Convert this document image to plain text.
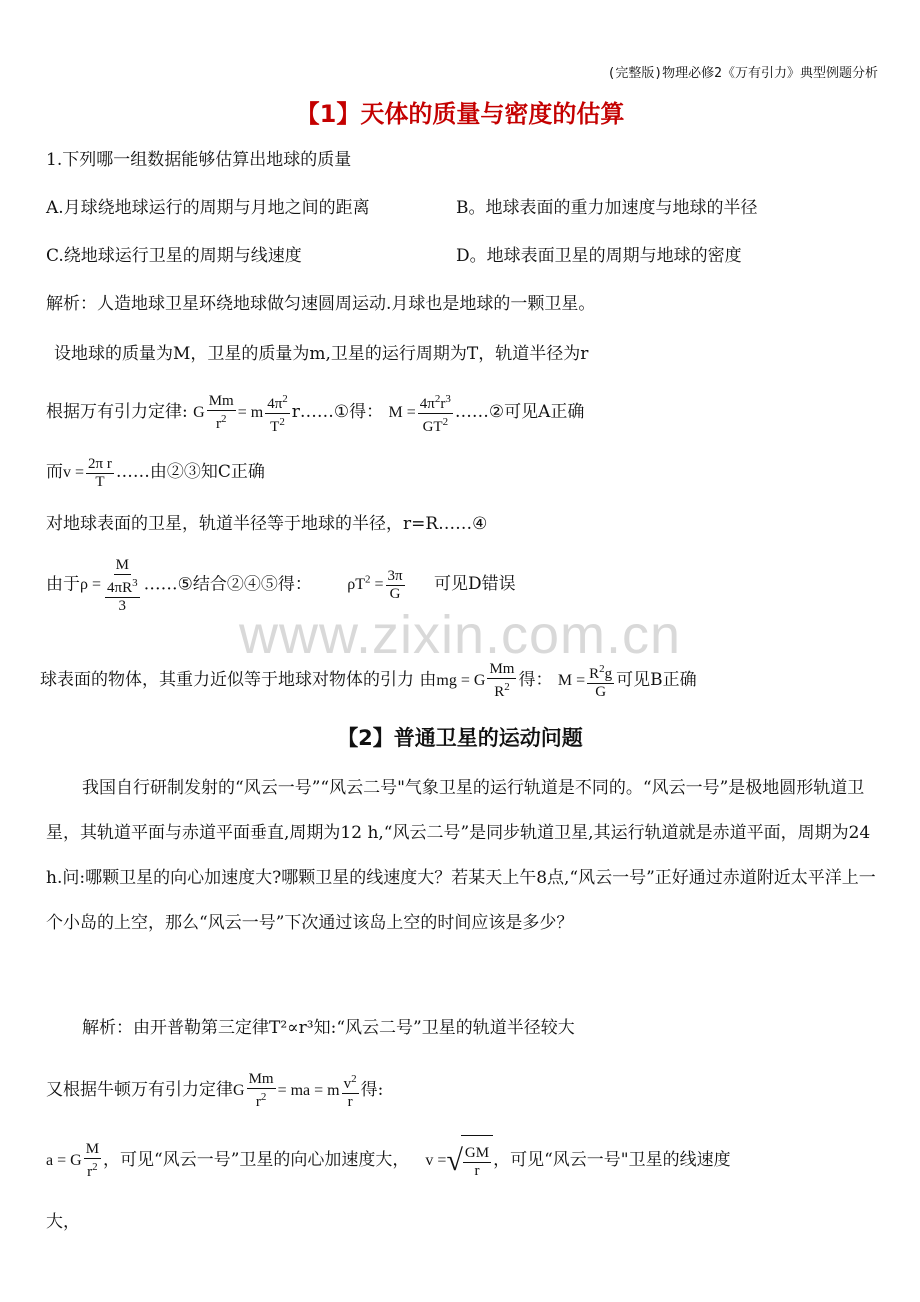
(完整版)物理必修2《万有引力》典型例题分析
【1】天体的质量与密度的估算
1.下列哪一组数据能够估算出地球的质量
A.月球绕地球运行的周期与月地之间的距离	B。地球表面的重力加速度与地球的半径
C.绕地球运行卫星的周期与线速度	D。地球表面卫星的周期与地球的密度
解析：人造地球卫星环绕地球做匀速圆周运动.月球也是地球的一颗卫星。
设地球的质量为M，卫星的质量为m,卫星的运行周期为T，轨道半径为r
根据万有引力定律: G $\frac{Mm}{r^2} = m \frac{4\pi^2}{T^2}$ r……①得： $M = \frac{4\pi^2r^3}{GT^2}$ ……②可见A正确
而$v = \frac{\text{2π r}}{T}$ ……由②③知C正确
对地球表面的卫星，轨道半径等于地球的半径，r=R……④
由于$\rho = \frac{M}{\frac{4\pi R^3}{3}}$ ……⑤结合②④⑤得： $\rho T^2 = \frac{3\pi}{G}$ 可见D错误
www.zixin.com.cn
球表面的物体，其重力近似等于地球对物体的引力 由mg = G $\frac{Mm}{R^2}$ 得： $M = \frac{R^2g}{G}$ 可见B正确
【2】普通卫星的运动问题
我国自行研制发射的“风云一号”“风云二号"气象卫星的运行轨道是不同的。“风云一号”是极地圆形轨道卫星，其轨道平面与赤道平面垂直,周期为12 h,“风云二号”是同步轨道卫星,其运行轨道就是赤道平面，周期为24 h.问:哪颗卫星的向心加速度大?哪颗卫星的线速度大？若某天上午8点,“风云一号”正好通过赤道附近太平洋上一个小岛的上空，那么“风云一号”下次通过该岛上空的时间应该是多少？
解析：由开普勒第三定律T²∝r³知:“风云二号”卫星的轨道半径较大
又根据牛顿万有引力定律G $\frac{Mm}{r^2}$ = ma = m $\frac{v^2}{r}$ 得:
a = G $\frac{M}{r^2}$ ，可见“风云一号”卫星的向心加速度大， v = √ $\frac{GM}{r}$ ，可见“风云一号"卫星的线速度
大，
